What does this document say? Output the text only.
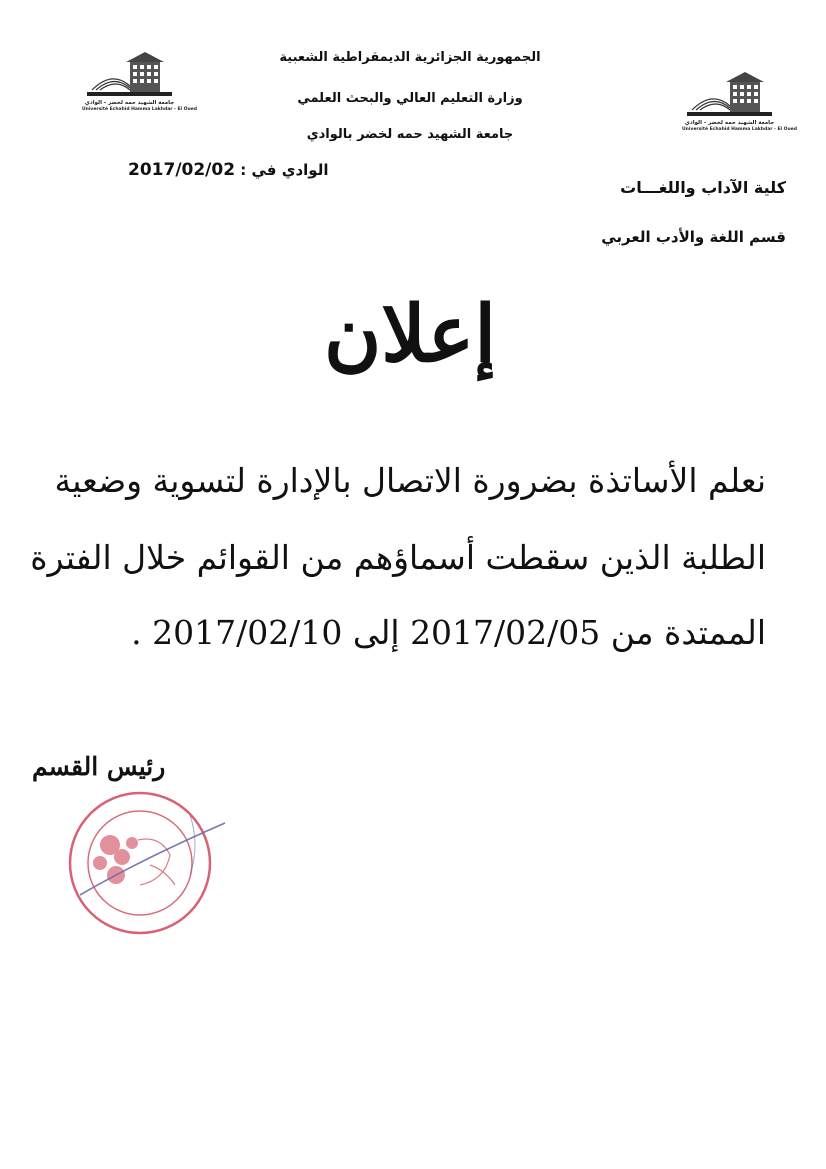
الجمهورية الجزائرية الديمقراطية الشعبية
وزارة التعليم العالي والبحث العلمي
جامعة الشهيد حمه لخضر بالوادي
جامعة الشهيد حمه لخضر - الوادي
Université Echahid Hamma Lakhdar - El Oued
جامعة الشهيد حمه لخضر - الوادي
Université Echahid Hamma Lakhdar - El Oued
2017/02/02 الوادي في :
كلية الآداب واللغـــات
قسم اللغة والأدب العربي
إعلان
نعلم الأساتذة بضرورة الاتصال بالإدارة لتسوية وضعية
الطلبة الذين سقطت أسماؤهم من القوائم خلال الفترة
الممتدة من 2017/02/05 إلى 2017/02/10 .
رئيس القسم
